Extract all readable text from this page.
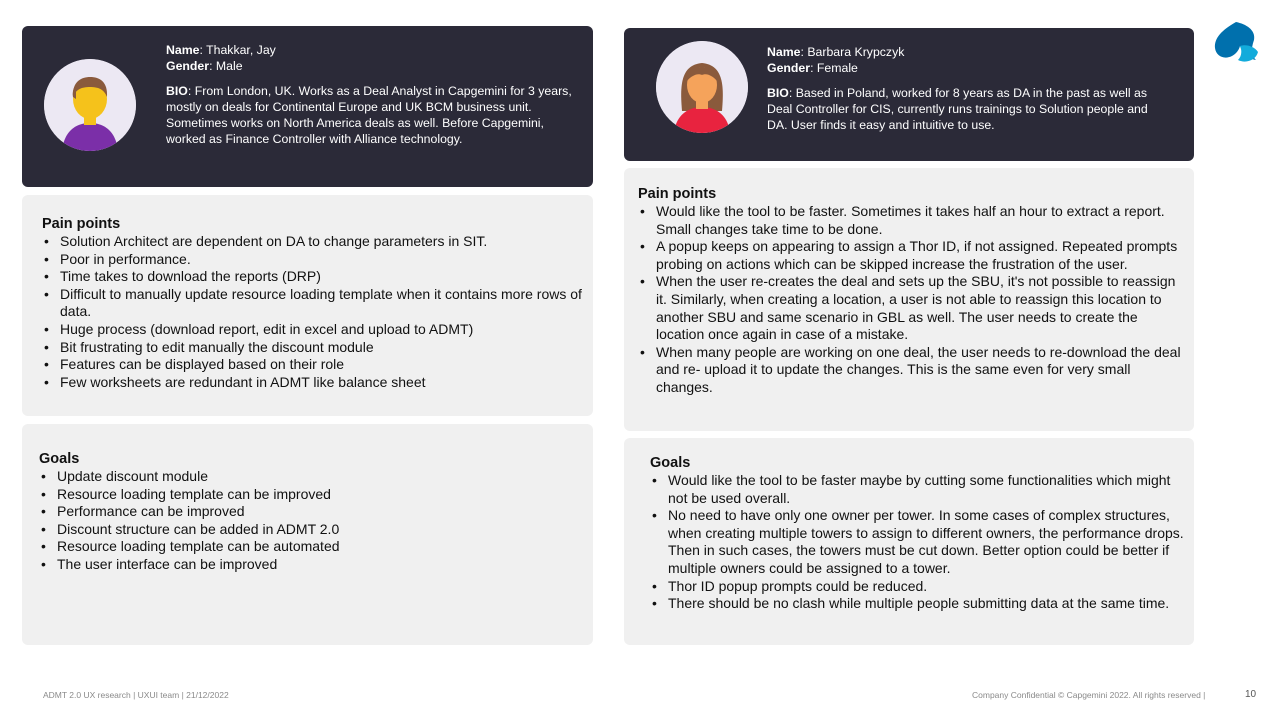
Name: Thakkar, Jay
Gender: Male
BIO: From London, UK. Works as a Deal Analyst in Capgemini for 3 years, mostly on deals for Continental Europe and UK BCM business unit. Sometimes works on North America deals as well. Before Capgemini, worked as Finance Controller with Alliance technology.
Pain points
• Solution Architect are dependent on DA to change parameters in SIT.
• Poor in performance.
• Time takes to download the reports (DRP)
• Difficult to manually update resource loading template when it contains more rows of data.
• Huge process (download report, edit in excel and upload to ADMT)
• Bit frustrating to edit manually the discount module
• Features can be displayed based on their role
• Few worksheets are redundant in ADMT like balance sheet
Goals
• Update discount module
• Resource loading template can be improved
• Performance can be improved
• Discount structure can be added in ADMT 2.0
• Resource loading template can be automated
• The user interface can be improved
Name: Barbara Krypczyk
Gender: Female
BIO: Based in Poland, worked for 8 years as DA in the past as well as Deal Controller for CIS, currently runs trainings to Solution people and DA. User finds it easy and intuitive to use.
Pain points
• Would like the tool to be faster. Sometimes it takes half an hour to extract a report. Small changes take time to be done.
• A popup keeps on appearing to assign a Thor ID, if not assigned. Repeated prompts probing on actions which can be skipped increase the frustration of the user.
• When the user re-creates the deal and sets up the SBU, it's not possible to reassign it. Similarly, when creating a location, a user is not able to reassign this location to another SBU and same scenario in GBL as well. The user needs to create the location once again in case of a mistake.
• When many people are working on one deal, the user needs to re-download the deal and re- upload it to update the changes. This is the same even for very small changes.
Goals
• Would like the tool to be faster maybe by cutting some functionalities which might not be used overall.
• No need to have only one owner per tower. In some cases of complex structures, when creating multiple towers to assign to different owners, the performance drops. Then in such cases, the towers must be cut down. Better option could be better if multiple owners could be assigned to a tower.
• Thor ID popup prompts could be reduced.
• There should be no clash while multiple people submitting data at the same time.
ADMT 2.0 UX research | UXUI team | 21/12/2022	Company Confidential © Capgemini 2022. All rights reserved |	10
